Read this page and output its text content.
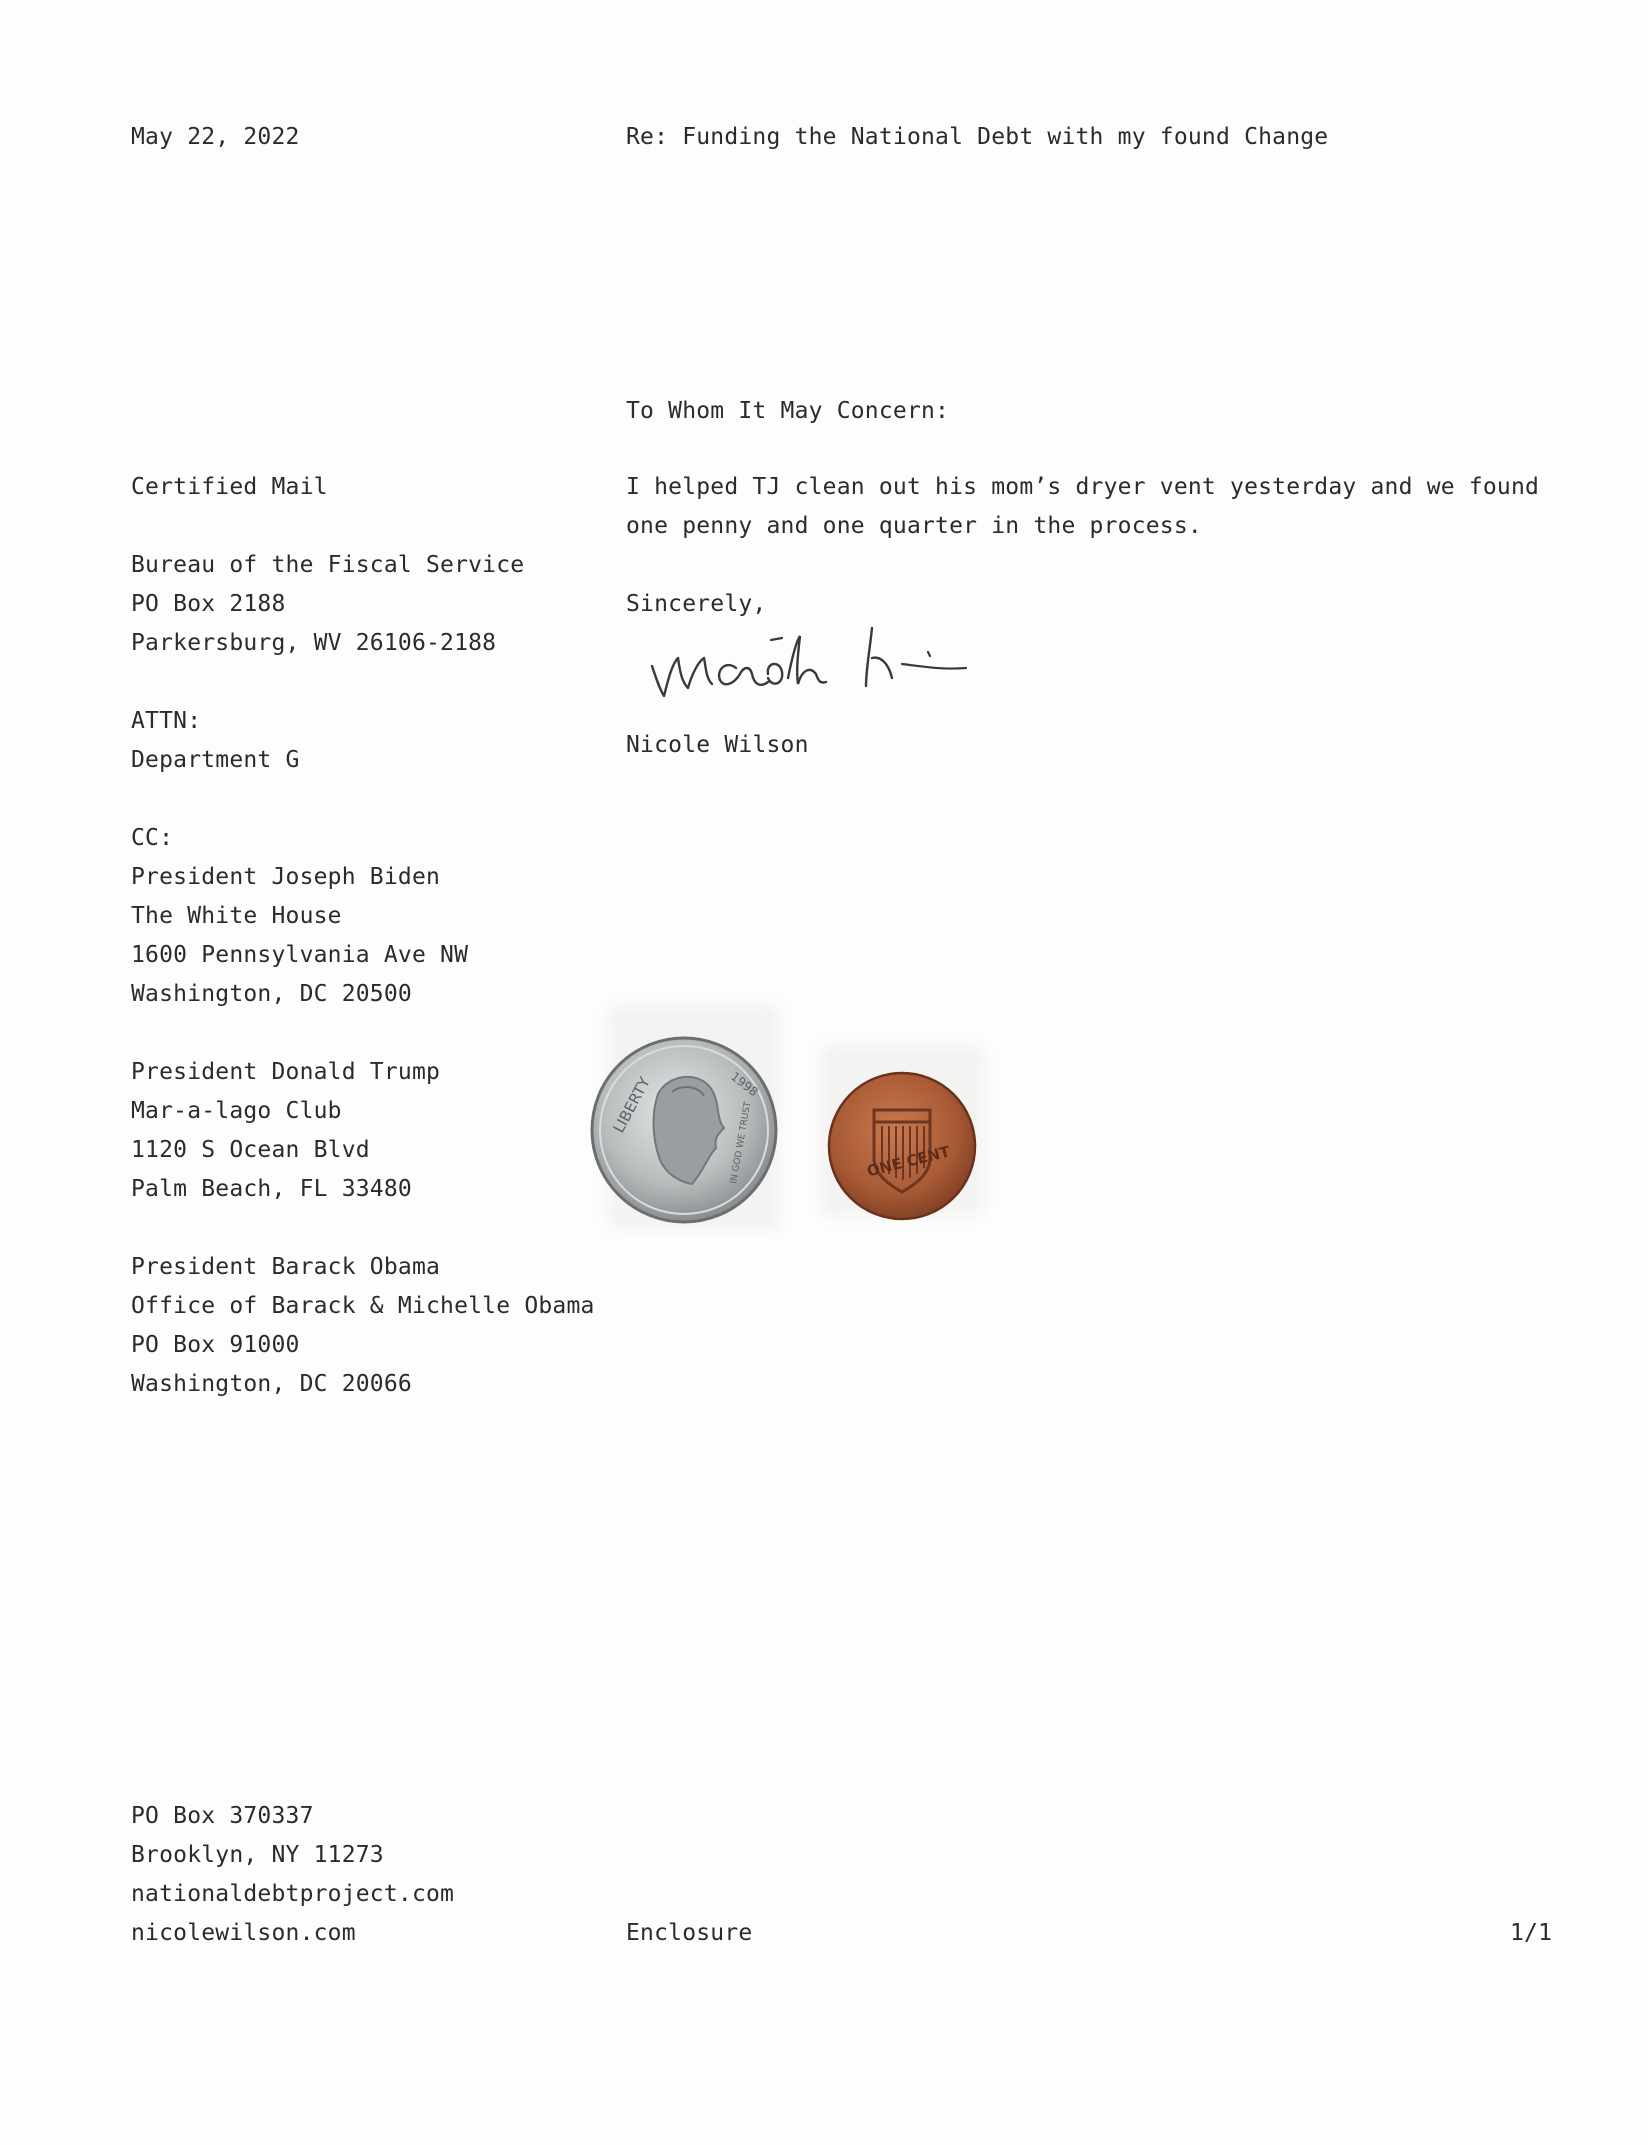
May 22, 2022	Re: Funding the National Debt with my found Change
To Whom It May Concern:
Certified Mail
Bureau of the Fiscal Service
PO Box 2188
Parkersburg, WV 26106-2188
ATTN:
Department G
CC:
President Joseph Biden
The White House
1600 Pennsylvania Ave NW
Washington, DC 20500
President Donald Trump
Mar-a-lago Club
1120 S Ocean Blvd
Palm Beach, FL 33480
President Barack Obama
Office of Barack & Michelle Obama
PO Box 91000
Washington, DC 20066
I helped TJ clean out his mom’s dryer vent yesterday and we found
one penny and one quarter in the process.
Sincerely,
Nicole Wilson
LIBERTY	IN GOD WE TRUST
1998
ONE CENT
PO Box 370337
Brooklyn, NY 11273
nationaldebtproject.com
nicolewilson.com	Enclosure	1/1
